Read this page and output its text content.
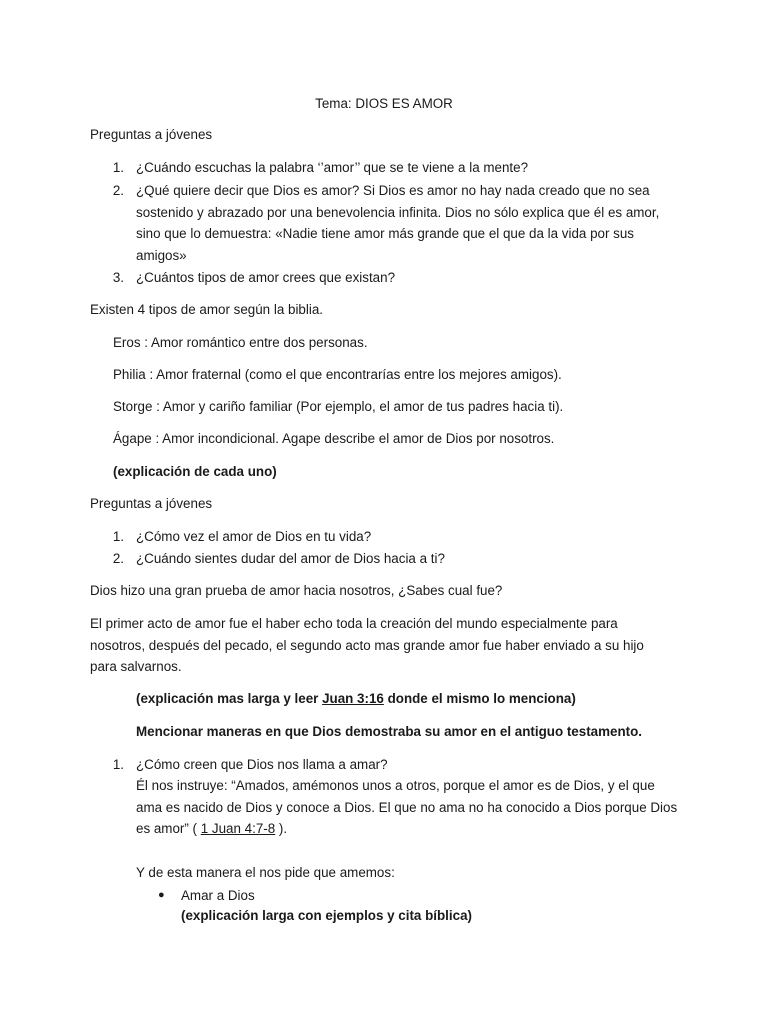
Tema: DIOS ES AMOR
Preguntas a jóvenes
1. ¿Cuándo escuchas la palabra ‘’amor’’ que se te viene a la mente?
2. ¿Qué quiere decir que Dios es amor? Si Dios es amor no hay nada creado que no sea
sostenido y abrazado por una benevolencia infinita. Dios no sólo explica que él es amor,
sino que lo demuestra: «Nadie tiene amor más grande que el que da la vida por sus
amigos»
3. ¿Cuántos tipos de amor crees que existan?
Existen 4 tipos de amor según la biblia.
Eros : Amor romántico entre dos personas.
Philia : Amor fraternal (como el que encontrarías entre los mejores amigos).
Storge : Amor y cariño familiar (Por ejemplo, el amor de tus padres hacia ti).
Ágape : Amor incondicional. Agape describe el amor de Dios por nosotros.
(explicación de cada uno)
Preguntas a jóvenes
1. ¿Cómo vez el amor de Dios en tu vida?
2. ¿Cuándo sientes dudar del amor de Dios hacia a ti?
Dios hizo una gran prueba de amor hacia nosotros, ¿Sabes cual fue?
El primer acto de amor fue el haber echo toda la creación del mundo especialmente para
nosotros, después del pecado, el segundo acto mas grande amor fue haber enviado a su hijo
para salvarnos.
(explicación mas larga y leer Juan 3:16 donde el mismo lo menciona)
Mencionar maneras en que Dios demostraba su amor en el antiguo testamento.
1. ¿Cómo creen que Dios nos llama a amar?
Él nos instruye: “Amados, amémonos unos a otros, porque el amor es de Dios, y el que
ama es nacido de Dios y conoce a Dios. El que no ama no ha conocido a Dios porque Dios
es amor” ( 1 Juan 4:7-8 ).
Y de esta manera el nos pide que amemos:
● Amar a Dios
(explicación larga con ejemplos y cita bíblica)
